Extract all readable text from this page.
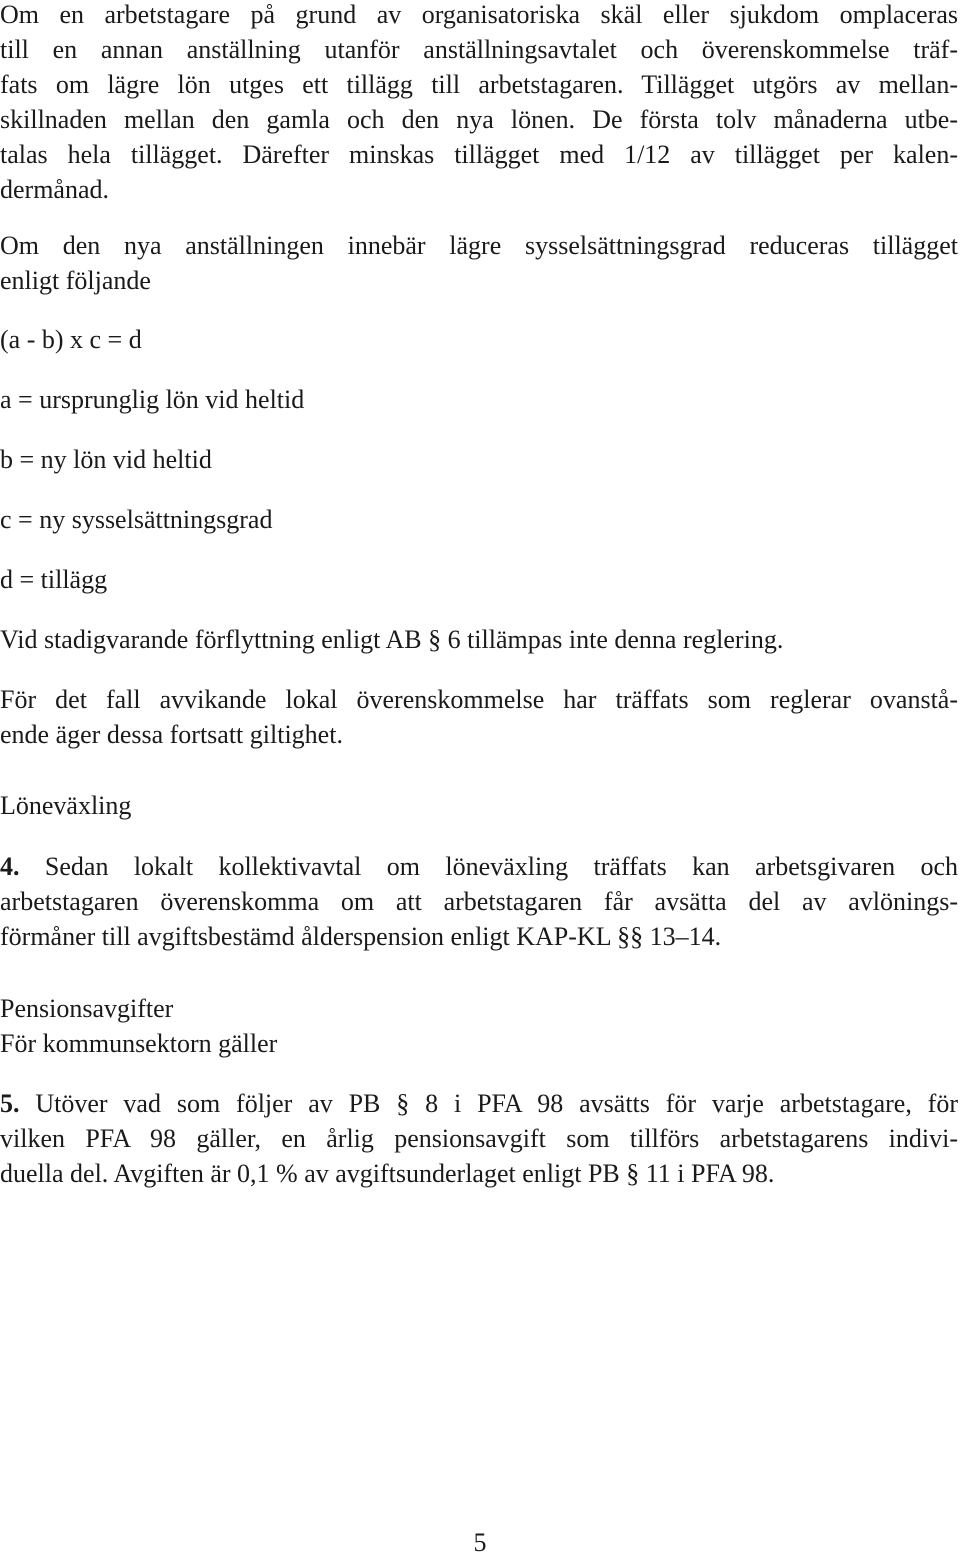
Om en arbetstagare på grund av organisatoriska skäl eller sjukdom omplaceras
till en annan anställning utanför anställningsavtalet och överenskommelse träf-
fats om lägre lön utges ett tillägg till arbetstagaren. Tillägget utgörs av mellan-
skillnaden mellan den gamla och den nya lönen. De första tolv månaderna utbe-
talas hela tillägget. Därefter minskas tillägget med 1/12 av tillägget per kalen-
dermånad.
Om den nya anställningen innebär lägre sysselsättningsgrad reduceras tillägget
enligt följande
(a - b) x c = d
a = ursprunglig lön vid heltid
b = ny lön vid heltid
c = ny sysselsättningsgrad
d = tillägg
Vid stadigvarande förflyttning enligt AB § 6 tillämpas inte denna reglering.
För det fall avvikande lokal överenskommelse har träffats som reglerar ovanstå-
ende äger dessa fortsatt giltighet.
Löneväxling
4. Sedan lokalt kollektivavtal om löneväxling träffats kan arbetsgivaren och
arbetstagaren överenskomma om att arbetstagaren får avsätta del av avlönings-
förmåner till avgiftsbestämd ålderspension enligt KAP-KL §§ 13–14.
Pensionsavgifter
För kommunsektorn gäller
5. Utöver vad som följer av PB § 8 i PFA 98 avsätts för varje arbetstagare, för
vilken PFA 98 gäller, en årlig pensionsavgift som tillförs arbetstagarens indivi-
duella del. Avgiften är 0,1 % av avgiftsunderlaget enligt PB § 11 i PFA 98.
5
